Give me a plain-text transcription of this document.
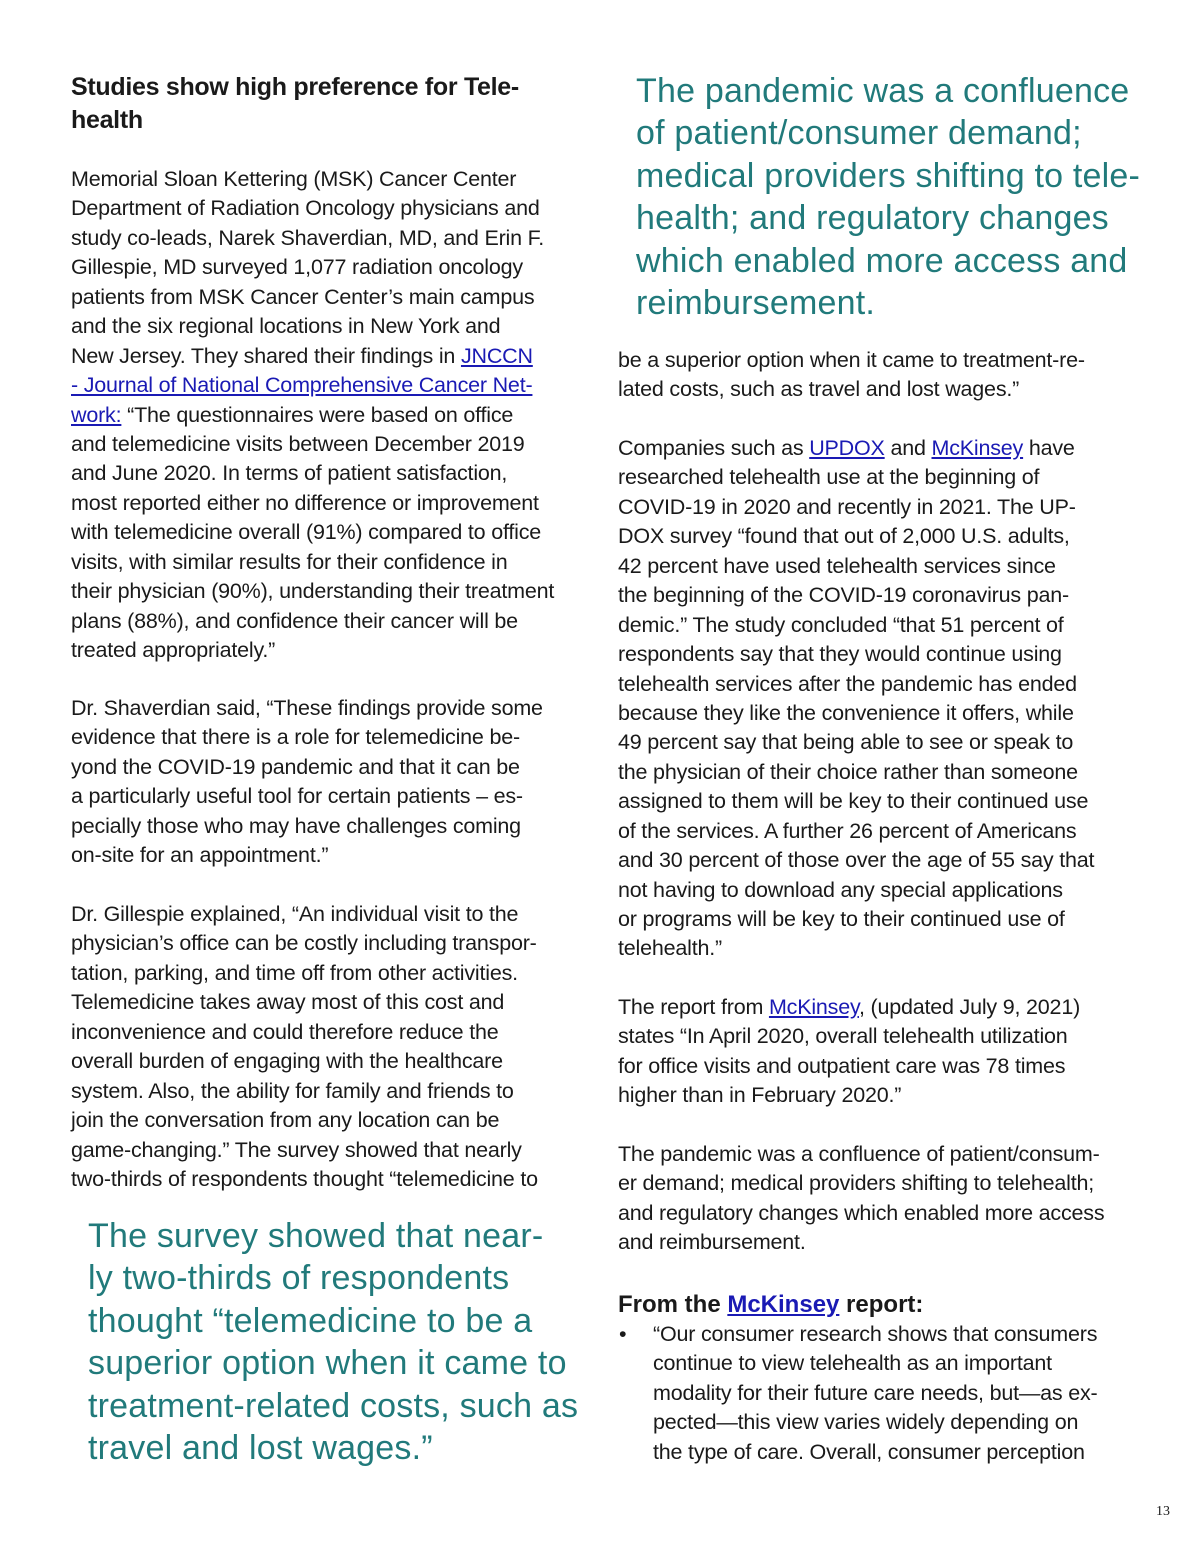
Studies show high preference for Tele-
health
Memorial Sloan Kettering (MSK) Cancer Center
Department of Radiation Oncology physicians and
study co-leads, Narek Shaverdian, MD, and Erin F.
Gillespie, MD surveyed 1,077 radiation oncology
patients from MSK Cancer Center’s main campus
and the six regional locations in New York and
New Jersey. They shared their findings in JNCCN
- Journal of National Comprehensive Cancer Net-
work: “The questionnaires were based on office
and telemedicine visits between December 2019
and June 2020. In terms of patient satisfaction,
most reported either no difference or improvement
with telemedicine overall (91%) compared to office
visits, with similar results for their confidence in
their physician (90%), understanding their treatment
plans (88%), and confidence their cancer will be
treated appropriately.”
Dr. Shaverdian said, “These findings provide some
evidence that there is a role for telemedicine be-
yond the COVID-19 pandemic and that it can be
a particularly useful tool for certain patients – es-
pecially those who may have challenges coming
on-site for an appointment.”
Dr. Gillespie explained, “An individual visit to the
physician’s office can be costly including transpor-
tation, parking, and time off from other activities.
Telemedicine takes away most of this cost and
inconvenience and could therefore reduce the
overall burden of engaging with the healthcare
system. Also, the ability for family and friends to
join the conversation from any location can be
game-changing.” The survey showed that nearly
two-thirds of respondents thought “telemedicine to
The survey showed that near-
ly two-thirds of respondents
thought “telemedicine to be a
superior option when it came to
treatment-related costs, such as
travel and lost wages.”
The pandemic was a confluence
of patient/consumer demand;
medical providers shifting to tele-
health; and regulatory changes
which enabled more access and
reimbursement.
be a superior option when it came to treatment-re-
lated costs, such as travel and lost wages.”
Companies such as UPDOX and McKinsey have
researched telehealth use at the beginning of
COVID-19 in 2020 and recently in 2021. The UP-
DOX survey “found that out of 2,000 U.S. adults,
42 percent have used telehealth services since
the beginning of the COVID-19 coronavirus pan-
demic.” The study concluded “that 51 percent of
respondents say that they would continue using
telehealth services after the pandemic has ended
because they like the convenience it offers, while
49 percent say that being able to see or speak to
the physician of their choice rather than someone
assigned to them will be key to their continued use
of the services. A further 26 percent of Americans
and 30 percent of those over the age of 55 say that
not having to download any special applications
or programs will be key to their continued use of
telehealth.”
The report from McKinsey, (updated July 9, 2021)
states “In April 2020, overall telehealth utilization
for office visits and outpatient care was 78 times
higher than in February 2020.”
The pandemic was a confluence of patient/consum-
er demand; medical providers shifting to telehealth;
and regulatory changes which enabled more access
and reimbursement.
From the McKinsey report:
• “Our consumer research shows that consumers
continue to view telehealth as an important
modality for their future care needs, but—as ex-
pected—this view varies widely depending on
the type of care. Overall, consumer perception
13
